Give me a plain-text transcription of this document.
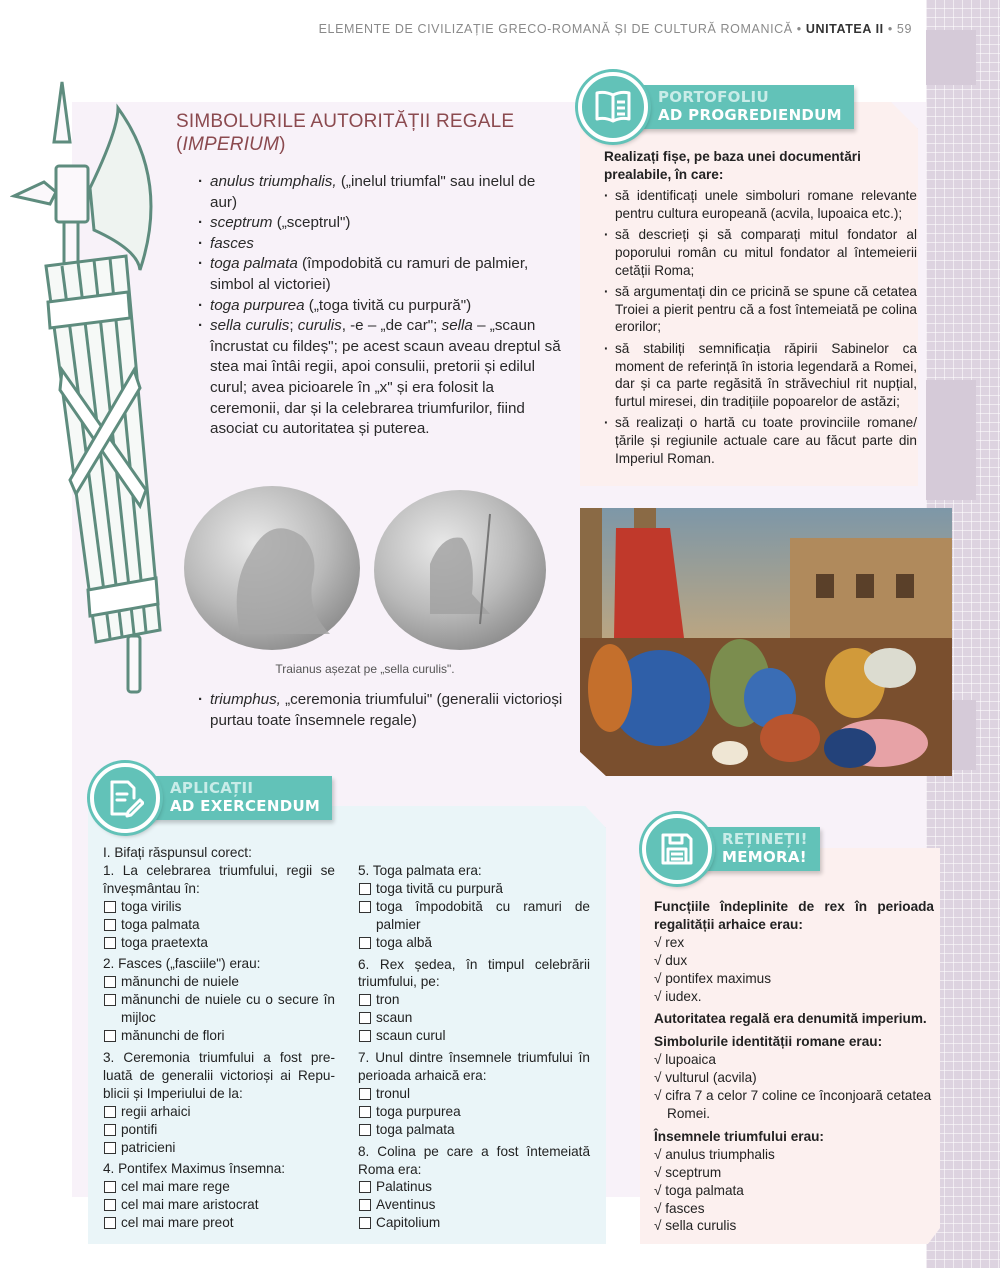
ELEMENTE DE CIVILIZAȚIE GRECO-ROMANĂ ȘI DE CULTURĂ ROMANICĂ • UNITATEA II • 59
SIMBOLURILE AUTORITĂȚII REGALE
(IMPERIUM)
· anulus triumphalis, („inelul triumfal" sau inelul de aur)
· sceptrum („sceptrul")
· fasces
· toga palmata (împodobită cu ramuri de palmier, simbol al victoriei)
· toga purpurea („toga tivită cu purpură")
· sella curulis; curulis, -e – „de car"; sella – „scaun încrustat cu fildeș"; pe acest scaun aveau dreptul să stea mai întâi regii, apoi consulii, pretorii și edilul curul; avea picioarele în „x" și era folosit la ceremonii, dar și la celebrarea triumfurilor, fiind asociat cu autoritatea și puterea.
Traianus așezat pe „sella curulis".
· triumphus, „ceremonia triumfului" (generalii victorioși purtau toate însemnele regale)
PORTOFOLIU
AD PROGREDIENDUM
Realizați fișe, pe baza unei documentări prealabile, în care:
· să identificați unele simboluri romane relevante pentru cultura europeană (acvila, lupoaica etc.);
· să descrieți și să comparați mitul fondator al poporului român cu mitul fondator al întemeierii cetății Roma;
· să argumentați din ce pricină se spune că cetatea Troiei a pierit pentru că a fost întemeiată pe colina erorilor;
· să stabiliți semnificația răpirii Sabinelor ca moment de referință în istoria legendară a Romei, dar și ca parte regăsită în străvechiul rit nupțial, furtul miresei, din tradițiile popoarelor de astăzi;
· să realizați o hartă cu toate provinciile romane/țările și regiunile actuale care au făcut parte din Imperiul Roman.
APLICAȚII
AD EXERCENDUM
I. Bifați răspunsul corect:
1. La celebrarea triumfului, regii se înveșmântau în:
toga virilis
toga palmata
toga praetexta
2. Fasces („fasciile") erau:
mănunchi de nuiele
mănunchi de nuiele cu o secure în mijloc
mănunchi de flori
3. Ceremonia triumfului a fost pre-luată de generalii victorioși ai Repu-blicii și Imperiului de la:
regii arhaici
pontifi
patricieni
4. Pontifex Maximus însemna:
cel mai mare rege
cel mai mare aristocrat
cel mai mare preot
5. Toga palmata era:
toga tivită cu purpură
toga împodobită cu ramuri de palmier
toga albă
6. Rex ședea, în timpul celebrării triumfului, pe:
tron
scaun
scaun curul
7. Unul dintre însemnele triumfului în perioada arhaică era:
tronul
toga purpurea
toga palmata
8. Colina pe care a fost întemeiată Roma era:
Palatinus
Aventinus
Capitolium
REȚINEȚI!
MEMORA!
Funcțiile îndeplinite de rex în perioada regalității arhaice erau:
√ rex
√ dux
√ pontifex maximus
√ iudex.
Autoritatea regală era denumită imperium.
Simbolurile identității romane erau:
√ lupoaica
√ vulturul (acvila)
√ cifra 7 a celor 7 coline ce înconjoară cetatea Romei.
Însemnele triumfului erau:
√ anulus triumphalis
√ sceptrum
√ toga palmata
√ fasces
√ sella curulis
